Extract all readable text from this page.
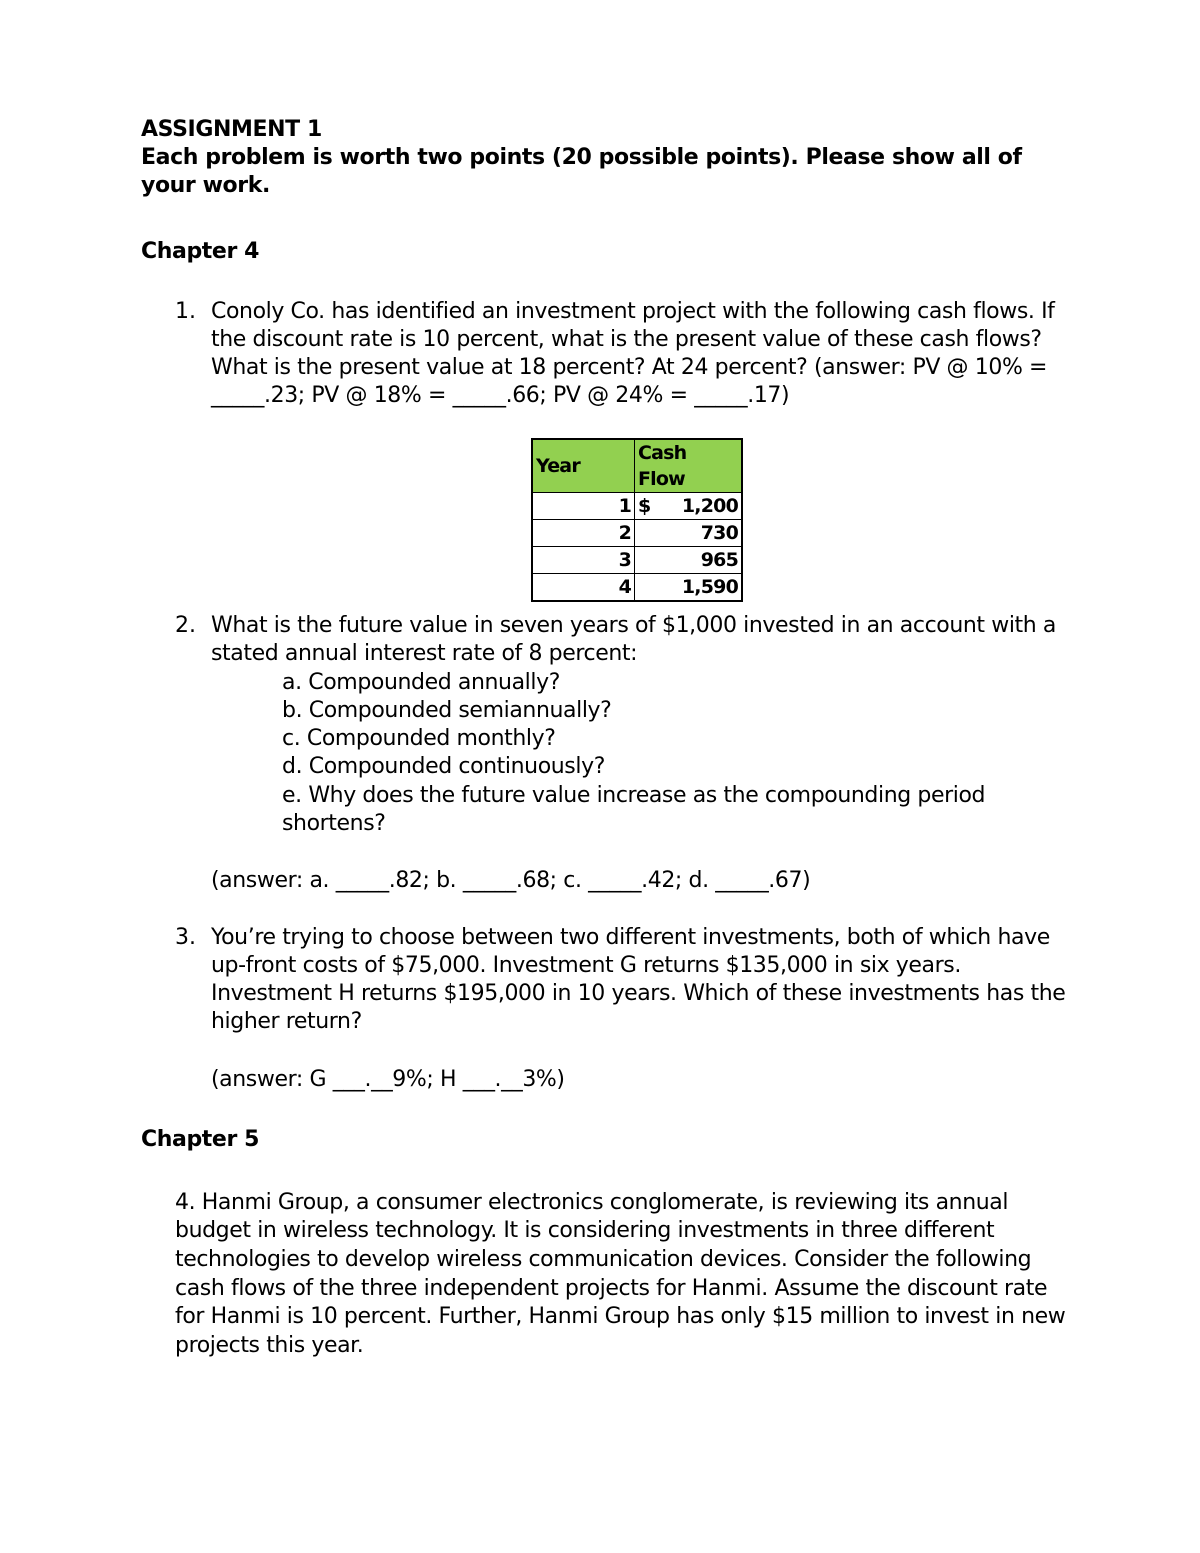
ASSIGNMENT 1
Each problem is worth two points (20 possible points). Please show all of
your work.
Chapter 4
1. Conoly Co. has identified an investment project with the following cash flows. If
the discount rate is 10 percent, what is the present value of these cash flows?
What is the present value at 18 percent? At 24 percent? (answer: PV @ 10% =
_____.23; PV @ 18% = _____.66; PV @ 24% = _____.17)
Year	Cash Flow
1	$ 1,200
2	730
3	965
4	1,590
2. What is the future value in seven years of $1,000 invested in an account with a
stated annual interest rate of 8 percent:
a. Compounded annually?
b. Compounded semiannually?
c. Compounded monthly?
d. Compounded continuously?
e. Why does the future value increase as the compounding period
shortens?
(answer: a. _____.82; b. _____.68; c. _____.42; d. _____.67)
3. You’re trying to choose between two different investments, both of which have
up-front costs of $75,000. Investment G returns $135,000 in six years.
Investment H returns $195,000 in 10 years. Which of these investments has the
higher return?
(answer: G ___.__9%; H ___.__3%)
Chapter 5
4. Hanmi Group, a consumer electronics conglomerate, is reviewing its annual
budget in wireless technology. It is considering investments in three different
technologies to develop wireless communication devices. Consider the following
cash flows of the three independent projects for Hanmi. Assume the discount rate
for Hanmi is 10 percent. Further, Hanmi Group has only $15 million to invest in new
projects this year.
